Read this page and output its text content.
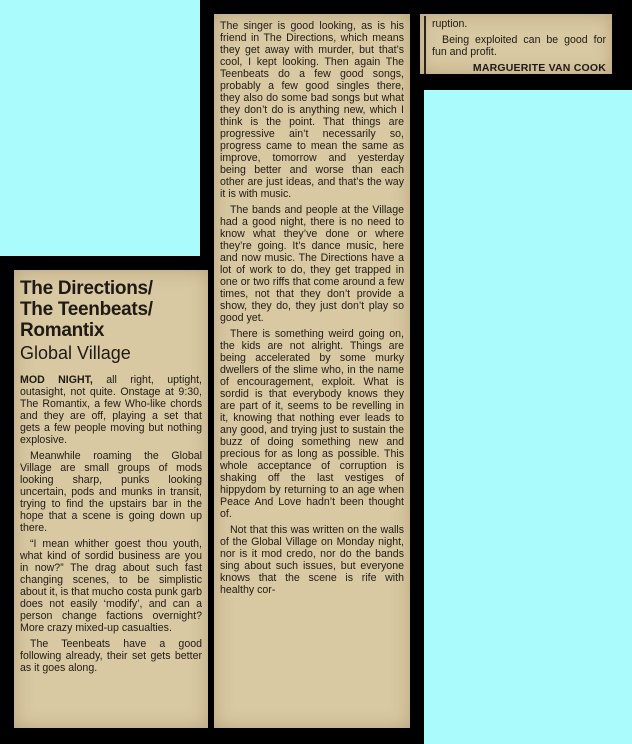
The Directions/
The Teenbeats/
Romantix
Global Village

MOD NIGHT, all right, uptight, outasight, not quite. Onstage at 9:30, The Romantix, a few Who-like chords and they are off, playing a set that gets a few people moving but nothing explosive.

Meanwhile roaming the Global Village are small groups of mods looking sharp, punks looking uncertain, pods and munks in transit, trying to find the upstairs bar in the hope that a scene is going down up there.

“I mean whither goest thou youth, what kind of sordid business are you in now?” The drag about such fast changing scenes, to be simplistic about it, is that mucho costa punk garb does not easily ‘modify’, and can a person change factions overnight? More crazy mixed-up casualties.

The Teenbeats have a good following already, their set gets better as it goes along.

The singer is good looking, as is his friend in The Directions, which means they get away with murder, but that’s cool, I kept looking. Then again The Teenbeats do a few good songs, probably a few good singles there, they also do some bad songs but what they don’t do is anything new, which I think is the point. That things are progressive ain’t necessarily so, progress came to mean the same as improve, tomorrow and yesterday being better and worse than each other are just ideas, and that’s the way it is with music.

The bands and people at the Village had a good night, there is no need to know what they’ve done or where they’re going. It’s dance music, here and now music. The Directions have a lot of work to do, they get trapped in one or two riffs that come around a few times, not that they don’t provide a show, they do, they just don’t play so good yet.

There is something weird going on, the kids are not alright. Things are being accelerated by some murky dwellers of the slime who, in the name of encouragement, exploit. What is sordid is that everybody knows they are part of it, seems to be revelling in it, knowing that nothing ever leads to any good, and trying just to sustain the buzz of doing something new and precious for as long as possible. This whole acceptance of corruption is shaking off the last vestiges of hippydom by returning to an age when Peace And Love hadn’t been thought of.

Not that this was written on the walls of the Global Village on Monday night, nor is it mod credo, nor do the bands sing about such issues, but everyone knows that the scene is rife with healthy cor-

ruption.

Being exploited can be good for fun and profit.

MARGUERITE VAN COOK
